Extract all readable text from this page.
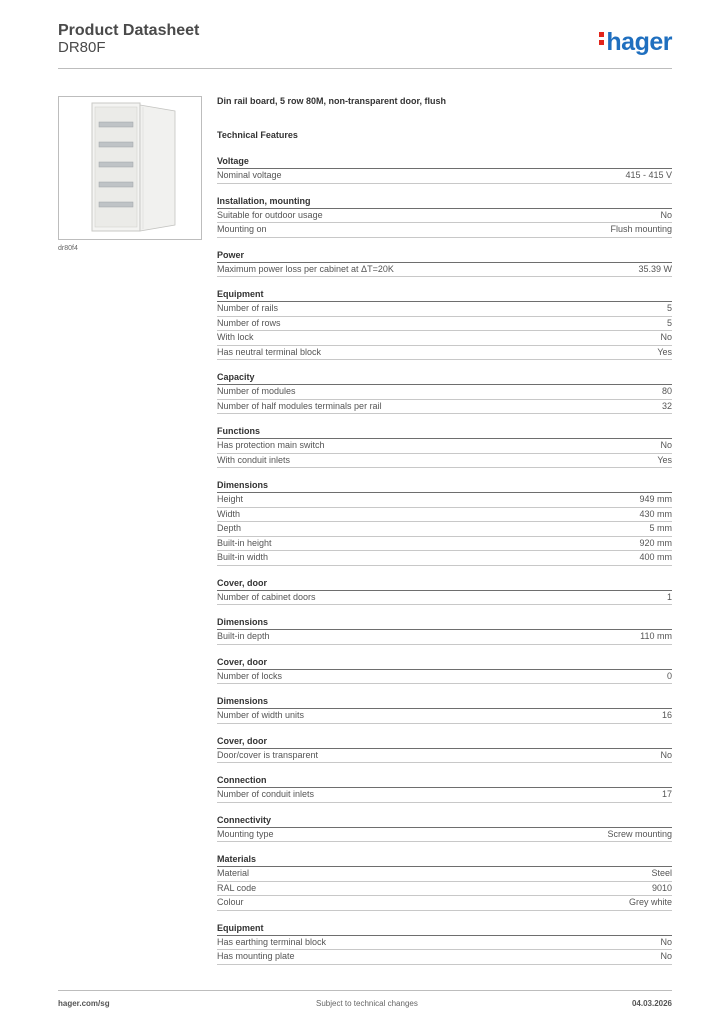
Product Datasheet
DR80F	hager
dr80f4
Din rail board, 5 row 80M, non-transparent door, flush
Technical Features
Voltage
Nominal voltage	415 - 415 V
Installation, mounting
Suitable for outdoor usage	No
Mounting on	Flush mounting
Power
Maximum power loss per cabinet at ΔT=20K	35.39 W
Equipment
Number of rails	5
Number of rows	5
With lock	No
Has neutral terminal block	Yes
Capacity
Number of modules	80
Number of half modules terminals per rail	32
Functions
Has protection main switch	No
With conduit inlets	Yes
Dimensions
Height	949 mm
Width	430 mm
Depth	5 mm
Built-in height	920 mm
Built-in width	400 mm
Cover, door
Number of cabinet doors	1
Dimensions
Built-in depth	110 mm
Cover, door
Number of locks	0
Dimensions
Number of width units	16
Cover, door
Door/cover is transparent	No
Connection
Number of conduit inlets	17
Connectivity
Mounting type	Screw mounting
Materials
Material	Steel
RAL code	9010
Colour	Grey white
Equipment
Has earthing terminal block	No
Has mounting plate	No
hager.com/sg	Subject to technical changes	04.03.2026
